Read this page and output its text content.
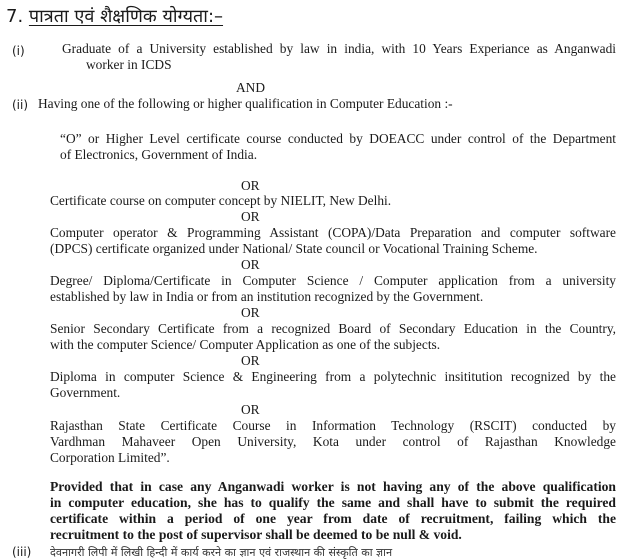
7. पात्रता एवं शैक्षणिक योग्यता:–
(i)	Graduate of a University established by law in india, with 10 Years Experiance as Anganwadi
worker in ICDS
AND
(ii) Having one of the following or higher qualification in Computer Education :-
“O” or Higher Level certificate course conducted by DOEACC under control of the Department
of Electronics, Government of India.
OR
Certificate course on computer concept by NIELIT, New Delhi.
OR
Computer operator & Programming Assistant (COPA)/Data Preparation and computer software
(DPCS) certificate organized under National/ State council or Vocational Training Scheme.
OR
Degree/ Diploma/Certificate in Computer Science / Computer application from a university
established by law in India or from an institution recognized by the Government.
OR
Senior Secondary Certificate from a recognized Board of Secondary Education in the Country,
with the computer Science/ Computer Application as one of the subjects.
OR
Diploma in computer Science & Engineering from a polytechnic insititution recognized by the
Government.
OR
Rajasthan State Certificate Course in Information Technology (RSCIT) conducted by
Vardhman Mahaveer Open University, Kota under control of Rajasthan Knowledge
Corporation Limited”.
Provided that in case any Anganwadi worker is not having any of the above qualification
in computer education, she has to qualify the same and shall have to submit the required
certificate within a period of one year from date of recruitment, failing which the
recruitment to the post of supervisor shall be deemed to be null & void.
(iii) देवनागरी लिपी में लिखी हिन्दी में कार्य करने का ज्ञान एवं राजस्थान की संस्कृति का ज्ञान
